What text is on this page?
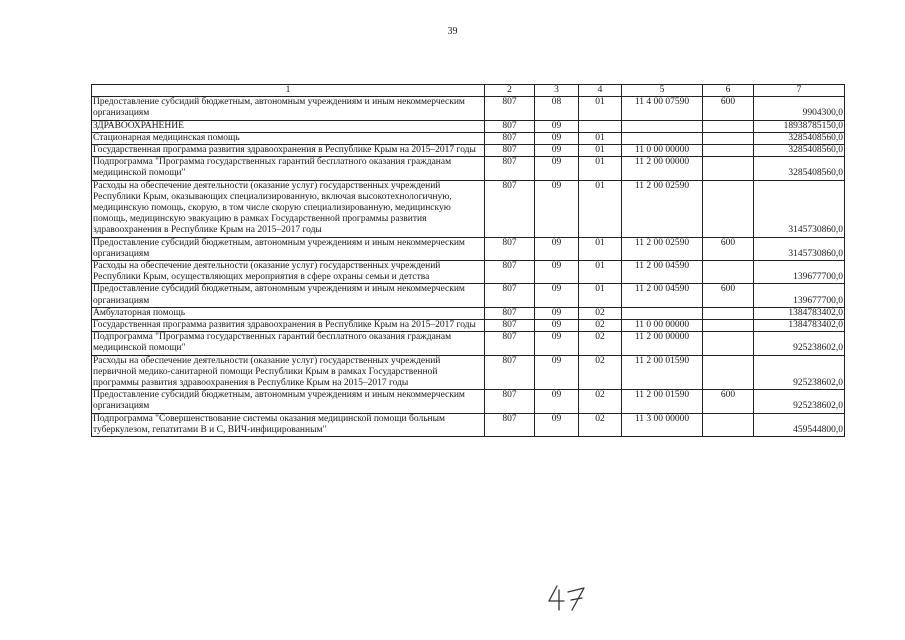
39
1	2	3	4	5	6	7
Предоставление субсидий бюджетным, автономным учреждениям и иным некоммерческим организациям	807	08	01	11 4 00 07590	600	9904300,0
ЗДРАВООХРАНЕНИЕ	807	09				18938785150,0
Стационарная медицинская помощь	807	09	01			3285408560,0
Государственная программа развития здравоохранения в Республике Крым на 2015–2017 годы	807	09	01	11 0 00 00000		3285408560,0
Подпрограмма "Программа государственных гарантий бесплатного оказания гражданам медицинской помощи"	807	09	01	11 2 00 00000		3285408560,0
Расходы на обеспечение деятельности (оказание услуг) государственных учреждений Республики Крым, оказывающих специализированную, включая высокотехнологичную, медицинскую помощь, скорую, в том числе скорую специализированную, медицинскую помощь, медицинскую эвакуацию в рамках Государственной программы развития здравоохранения в Республике Крым на 2015–2017 годы	807	09	01	11 2 00 02590		3145730860,0
Предоставление субсидий бюджетным, автономным учреждениям и иным некоммерческим организациям	807	09	01	11 2 00 02590	600	3145730860,0
Расходы на обеспечение деятельности (оказание услуг) государственных учреждений Республики Крым, осуществляющих мероприятия в сфере охраны семьи и детства	807	09	01	11 2 00 04590		139677700,0
Предоставление субсидий бюджетным, автономным учреждениям и иным некоммерческим организациям	807	09	01	11 2 00 04590	600	139677700,0
Амбулаторная помощь	807	09	02			1384783402,0
Государственная программа развития здравоохранения в Республике Крым на 2015–2017 годы	807	09	02	11 0 00 00000		1384783402,0
Подпрограмма "Программа государственных гарантий бесплатного оказания гражданам медицинской помощи"	807	09	02	11 2 00 00000		925238602,0
Расходы на обеспечение деятельности (оказание услуг) государственных учреждений первичной медико-санитарной помощи Республики Крым в рамках Государственной программы развития здравоохранения в Республике Крым на 2015–2017 годы	807	09	02	11 2 00 01590		925238602,0
Предоставление субсидий бюджетным, автономным учреждениям и иным некоммерческим организациям	807	09	02	11 2 00 01590	600	925238602,0
Подпрограмма "Совершенствование системы оказания медицинской помощи больным туберкулезом, гепатитами В и С, ВИЧ-инфицированным"	807	09	02	11 3 00 00000		459544800,0
